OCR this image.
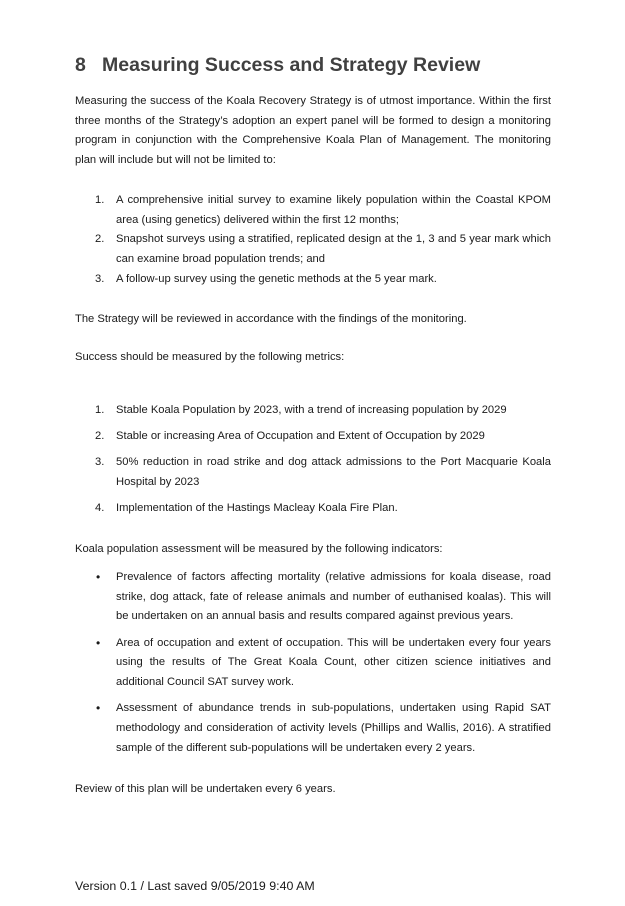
8 Measuring Success and Strategy Review

Measuring the success of the Koala Recovery Strategy is of utmost importance. Within the first three months of the Strategy’s adoption an expert panel will be formed to design a monitoring program in conjunction with the Comprehensive Koala Plan of Management. The monitoring plan will include but will not be limited to:

1. A comprehensive initial survey to examine likely population within the Coastal KPOM area (using genetics) delivered within the first 12 months;
2. Snapshot surveys using a stratified, replicated design at the 1, 3 and 5 year mark which can examine broad population trends; and
3. A follow-up survey using the genetic methods at the 5 year mark.

The Strategy will be reviewed in accordance with the findings of the monitoring.

Success should be measured by the following metrics:

1. Stable Koala Population by 2023, with a trend of increasing population by 2029
2. Stable or increasing Area of Occupation and Extent of Occupation by 2029
3. 50% reduction in road strike and dog attack admissions to the Port Macquarie Koala Hospital by 2023
4. Implementation of the Hastings Macleay Koala Fire Plan.

Koala population assessment will be measured by the following indicators:

• Prevalence of factors affecting mortality (relative admissions for koala disease, road strike, dog attack, fate of release animals and number of euthanised koalas). This will be undertaken on an annual basis and results compared against previous years.
• Area of occupation and extent of occupation. This will be undertaken every four years using the results of The Great Koala Count, other citizen science initiatives and additional Council SAT survey work.
• Assessment of abundance trends in sub-populations, undertaken using Rapid SAT methodology and consideration of activity levels (Phillips and Wallis, 2016). A stratified sample of the different sub-populations will be undertaken every 2 years.

Review of this plan will be undertaken every 6 years.

Version 0.1 / Last saved 9/05/2019 9:40 AM
